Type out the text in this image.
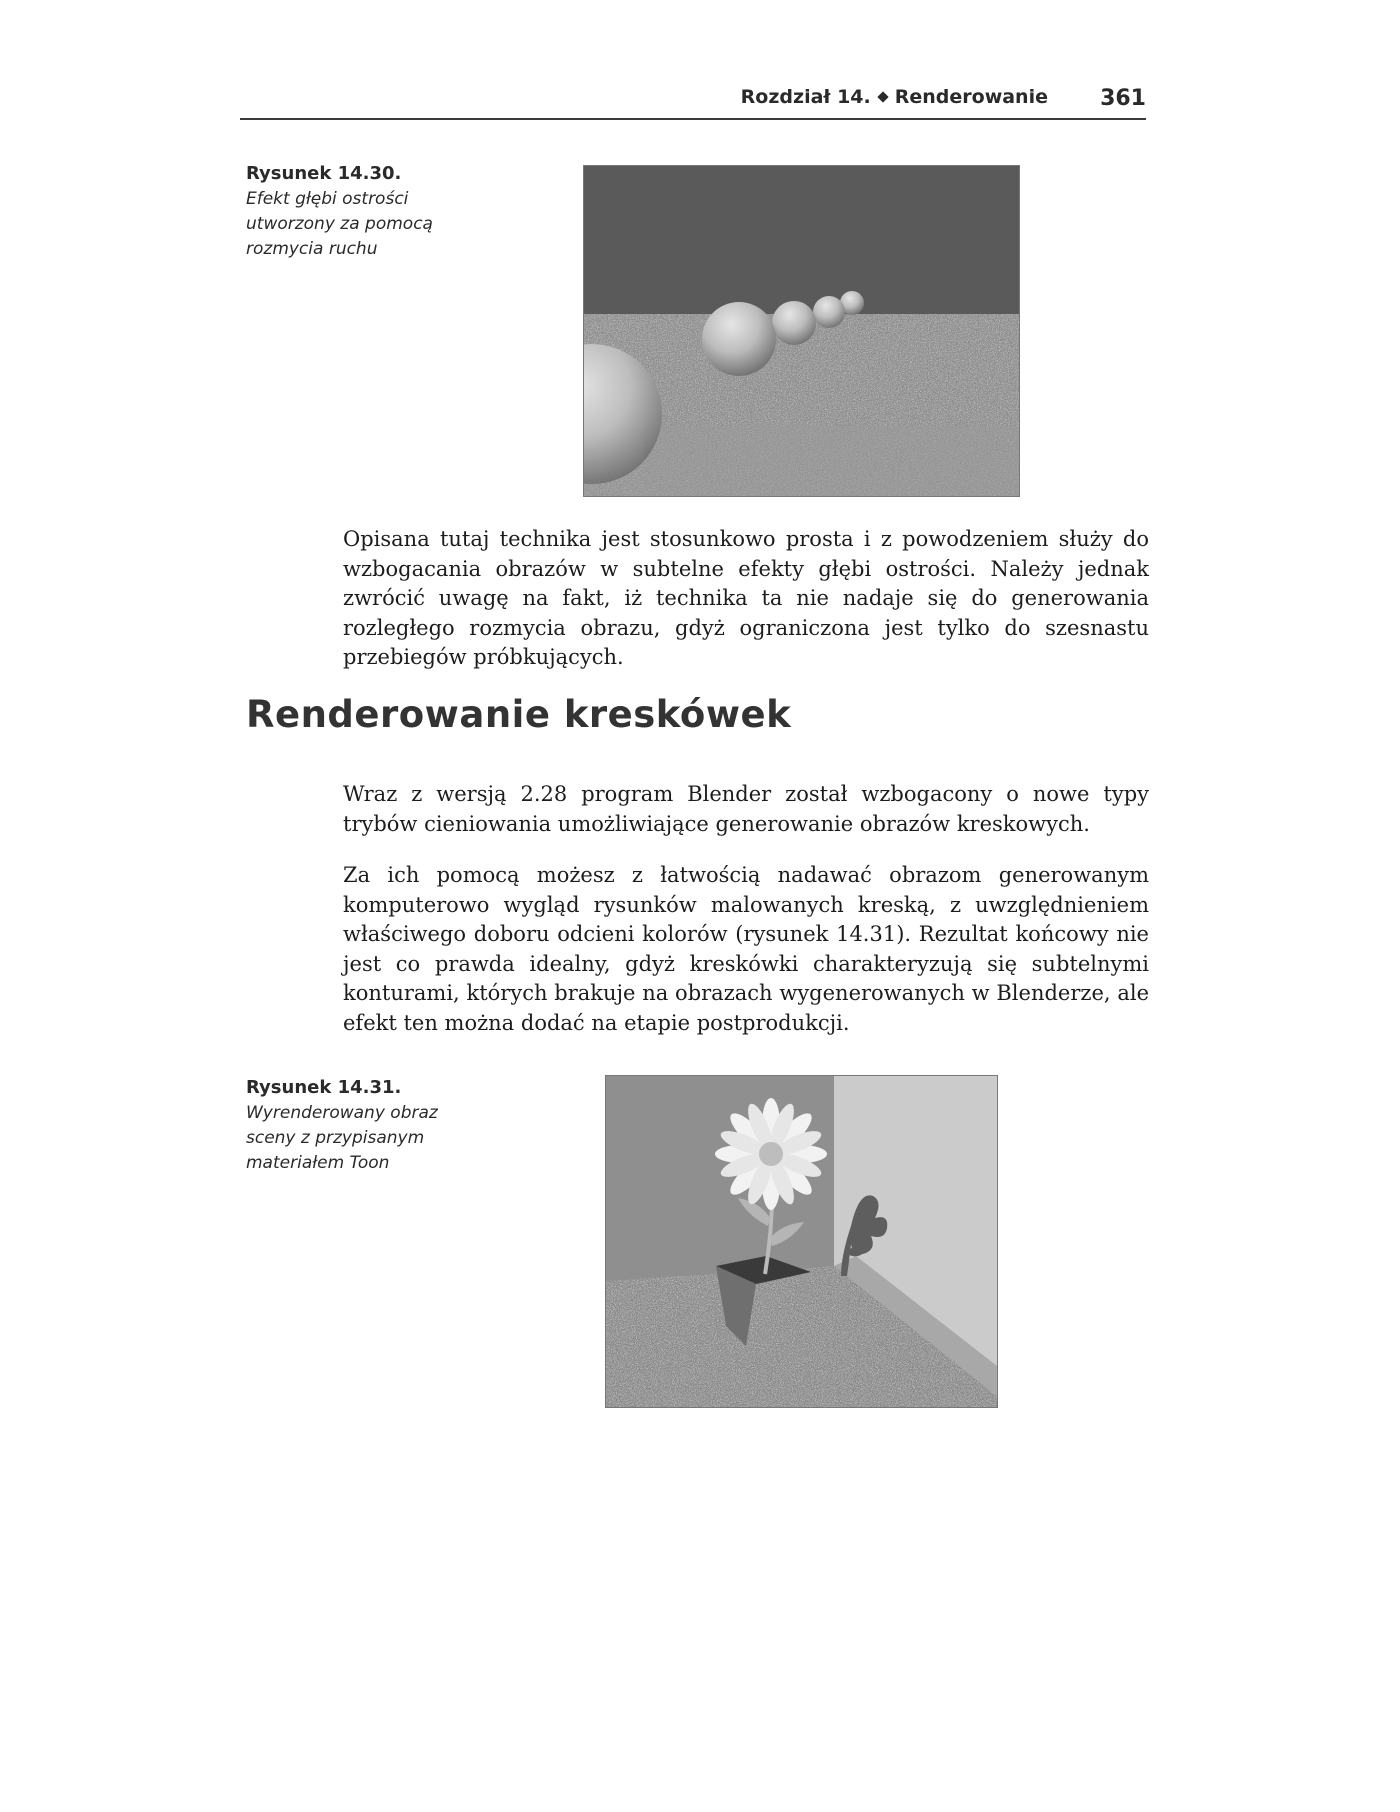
Rozdział 14. Renderowanie 361
Rysunek 14.30.
Efekt głębi ostrości utworzony za pomocą rozmycia ruchu

Opisana tutaj technika jest stosunkowo prosta i z powodzeniem służy do wzbogacania obrazów w subtelne efekty głębi ostrości. Należy jednak zwrócić uwagę na fakt, iż technika ta nie nadaje się do generowania rozległego rozmycia obrazu, gdyż ograniczona jest tylko do szesnastu przebiegów próbkujących.

Renderowanie kreskówek

Wraz z wersją 2.28 program Blender został wzbogacony o nowe typy trybów cieniowania umożliwiające generowanie obrazów kreskowych.

Za ich pomocą możesz z łatwością nadawać obrazom generowanym komputerowo wygląd rysunków malowanych kreską, z uwzględnieniem właściwego doboru odcieni kolorów (rysunek 14.31). Rezultat końcowy nie jest co prawda idealny, gdyż kreskówki charakteryzują się subtelnymi konturami, których brakuje na obrazach wygenerowanych w Blenderze, ale efekt ten można dodać na etapie postprodukcji.

Rysunek 14.31.
Wyrenderowany obraz sceny z przypisanym materiałem Toon
